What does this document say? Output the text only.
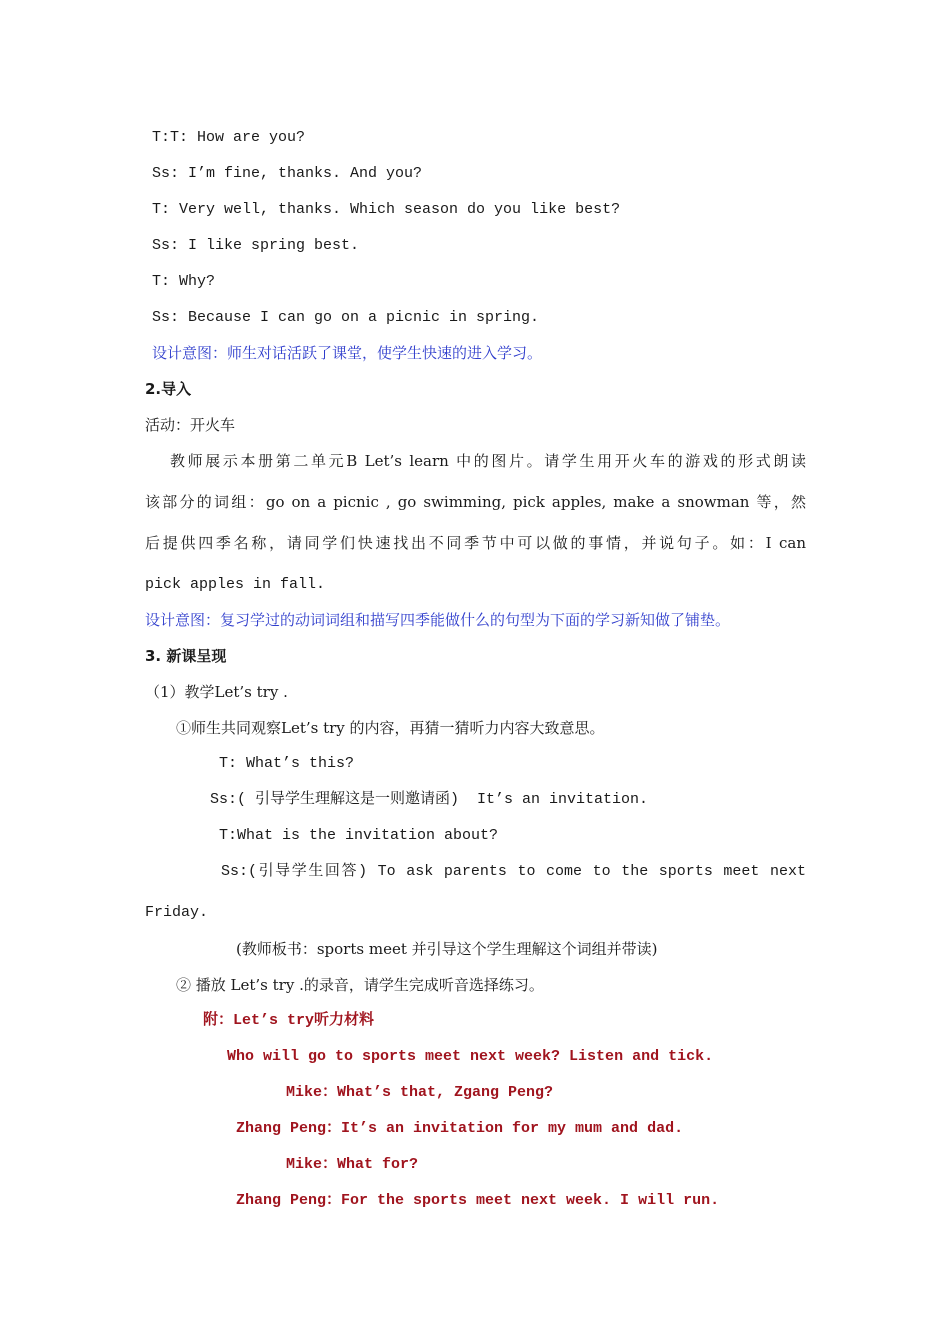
T:T: How are you?
Ss: I’m fine, thanks. And you?
T: Very well, thanks. Which season do you like best?
Ss: I like spring best.
T: Why?
Ss: Because I can go on a picnic in spring.
设计意图：师生对话活跃了课堂，使学生快速的进入学习。
2.导入
活动：开火车
教师展示本册第二单元B Let’s learn 中的图片。请学生用开火车的游戏的形式朗读
该部分的词组：go on a picnic , go swimming, pick apples, make a snowman 等，然
后提供四季名称，请同学们快速找出不同季节中可以做的事情，并说句子。如：I can
pick apples in fall.
设计意图：复习学过的动词词组和描写四季能做什么的句型为下面的学习新知做了铺垫。
3. 新课呈现
（1）教学Let’s try .
①师生共同观察Let’s try 的内容，再猜一猜听力内容大致意思。
T: What’s this?
Ss:( 引导学生理解这是一则邀请函)  It’s an invitation.
T:What is the invitation about?
Ss:(引导学生回答) To ask parents to come to the sports meet next
Friday.
(教师板书：sports meet 并引导这个学生理解这个词组并带读)
② 播放 Let’s try .的录音，请学生完成听音选择练习。
附：Let’s try听力材料
Who will go to sports meet next week? Listen and tick.
Mike：What’s that, Zgang Peng?
Zhang Peng：It’s an invitation for my mum and dad.
Mike：What for?
Zhang Peng：For the sports meet next week. I will run.
